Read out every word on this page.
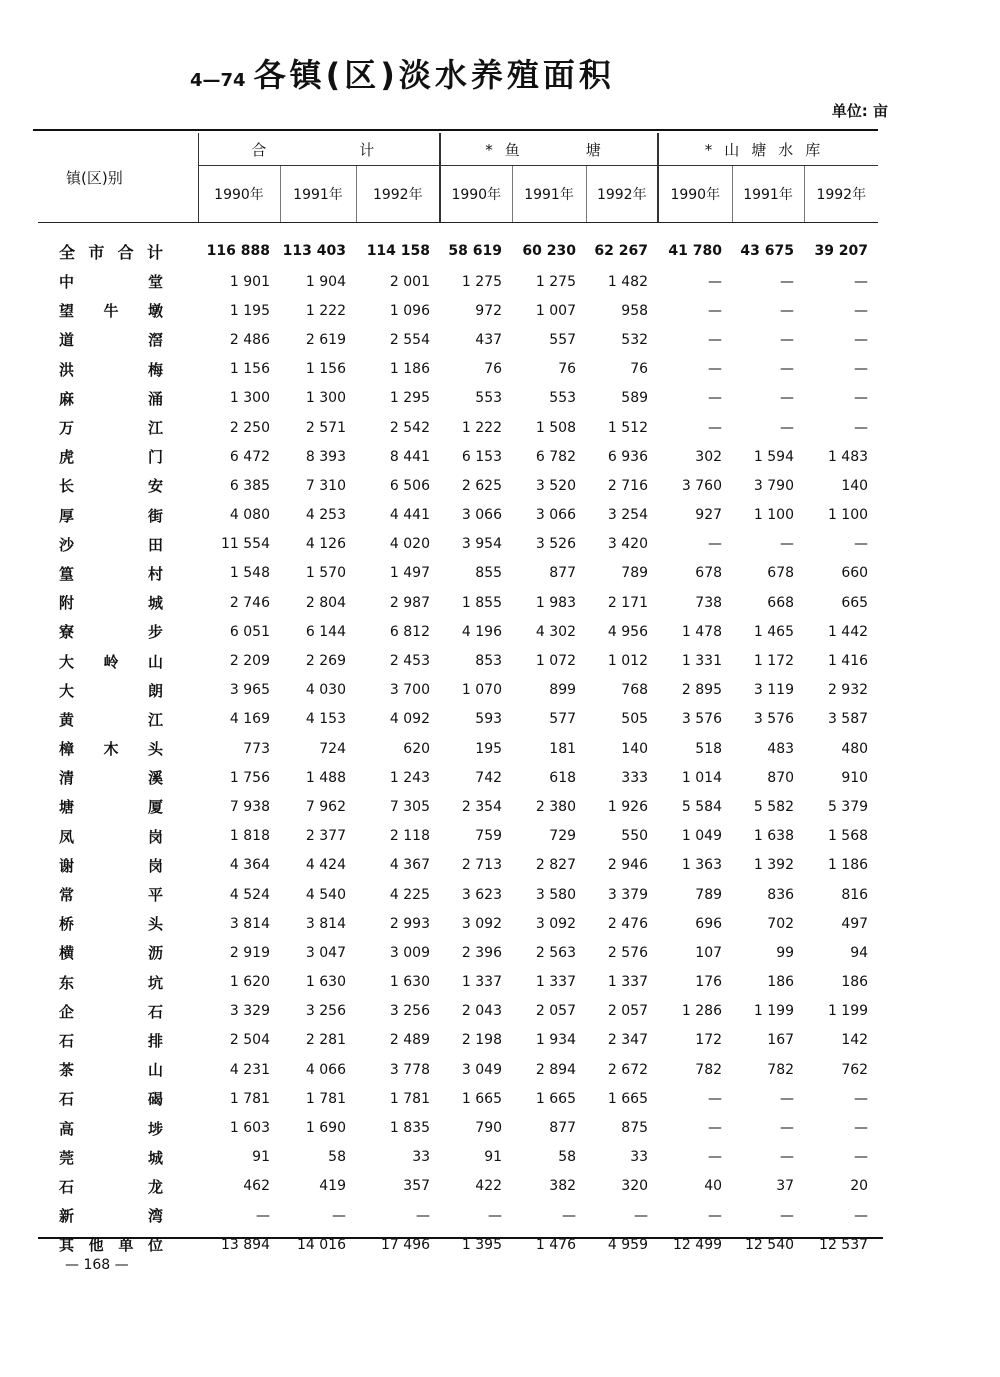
4—74 各镇(区)淡水养殖面积
单位: 亩
镇(区)别	合　　　计			*鱼　　塘			*山塘水库		
	1990年	1991年	1992年	1990年	1991年	1992年	1990年	1991年	1992年

全 市 合 计	116 888	113 403	114 158	58 619	60 230	62 267	41 780	43 675	39 207

中 堂	1 901	1 904	2 001	1 275	1 275	1 482	—	—	—

望 牛 墩	1 195	1 222	1 096	972	1 007	958	—	—	—

道 滘	2 486	2 619	2 554	437	557	532	—	—	—

洪 梅	1 156	1 156	1 186	76	76	76	—	—	—

麻 涌	1 300	1 300	1 295	553	553	589	—	—	—

万 江	2 250	2 571	2 542	1 222	1 508	1 512	—	—	—

虎 门	6 472	8 393	8 441	6 153	6 782	6 936	302	1 594	1 483

长 安	6 385	7 310	6 506	2 625	3 520	2 716	3 760	3 790	140

厚 街	4 080	4 253	4 441	3 066	3 066	3 254	927	1 100	1 100

沙 田	11 554	4 126	4 020	3 954	3 526	3 420	—	—	—

篁 村	1 548	1 570	1 497	855	877	789	678	678	660

附 城	2 746	2 804	2 987	1 855	1 983	2 171	738	668	665

寮 步	6 051	6 144	6 812	4 196	4 302	4 956	1 478	1 465	1 442

大 岭 山	2 209	2 269	2 453	853	1 072	1 012	1 331	1 172	1 416

大 朗	3 965	4 030	3 700	1 070	899	768	2 895	3 119	2 932

黄 江	4 169	4 153	4 092	593	577	505	3 576	3 576	3 587

樟 木 头	773	724	620	195	181	140	518	483	480

清 溪	1 756	1 488	1 243	742	618	333	1 014	870	910

塘 厦	7 938	7 962	7 305	2 354	2 380	1 926	5 584	5 582	5 379

凤 岗	1 818	2 377	2 118	759	729	550	1 049	1 638	1 568

谢 岗	4 364	4 424	4 367	2 713	2 827	2 946	1 363	1 392	1 186

常 平	4 524	4 540	4 225	3 623	3 580	3 379	789	836	816

桥 头	3 814	3 814	2 993	3 092	3 092	2 476	696	702	497

横 沥	2 919	3 047	3 009	2 396	2 563	2 576	107	99	94

东 坑	1 620	1 630	1 630	1 337	1 337	1 337	176	186	186

企 石	3 329	3 256	3 256	2 043	2 057	2 057	1 286	1 199	1 199

石 排	2 504	2 281	2 489	2 198	1 934	2 347	172	167	142

茶 山	4 231	4 066	3 778	3 049	2 894	2 672	782	782	762

石 碣	1 781	1 781	1 781	1 665	1 665	1 665	—	—	—

高 埗	1 603	1 690	1 835	790	877	875	—	—	—

莞 城	91	58	33	91	58	33	—	—	—

石 龙	462	419	357	422	382	320	40	37	20

新 湾	—	—	—	—	—	—	—	—	—

其 他 单 位	13 894	14 016	17 496	1 395	1 476	4 959	12 499	12 540	12 537
— 168 —
